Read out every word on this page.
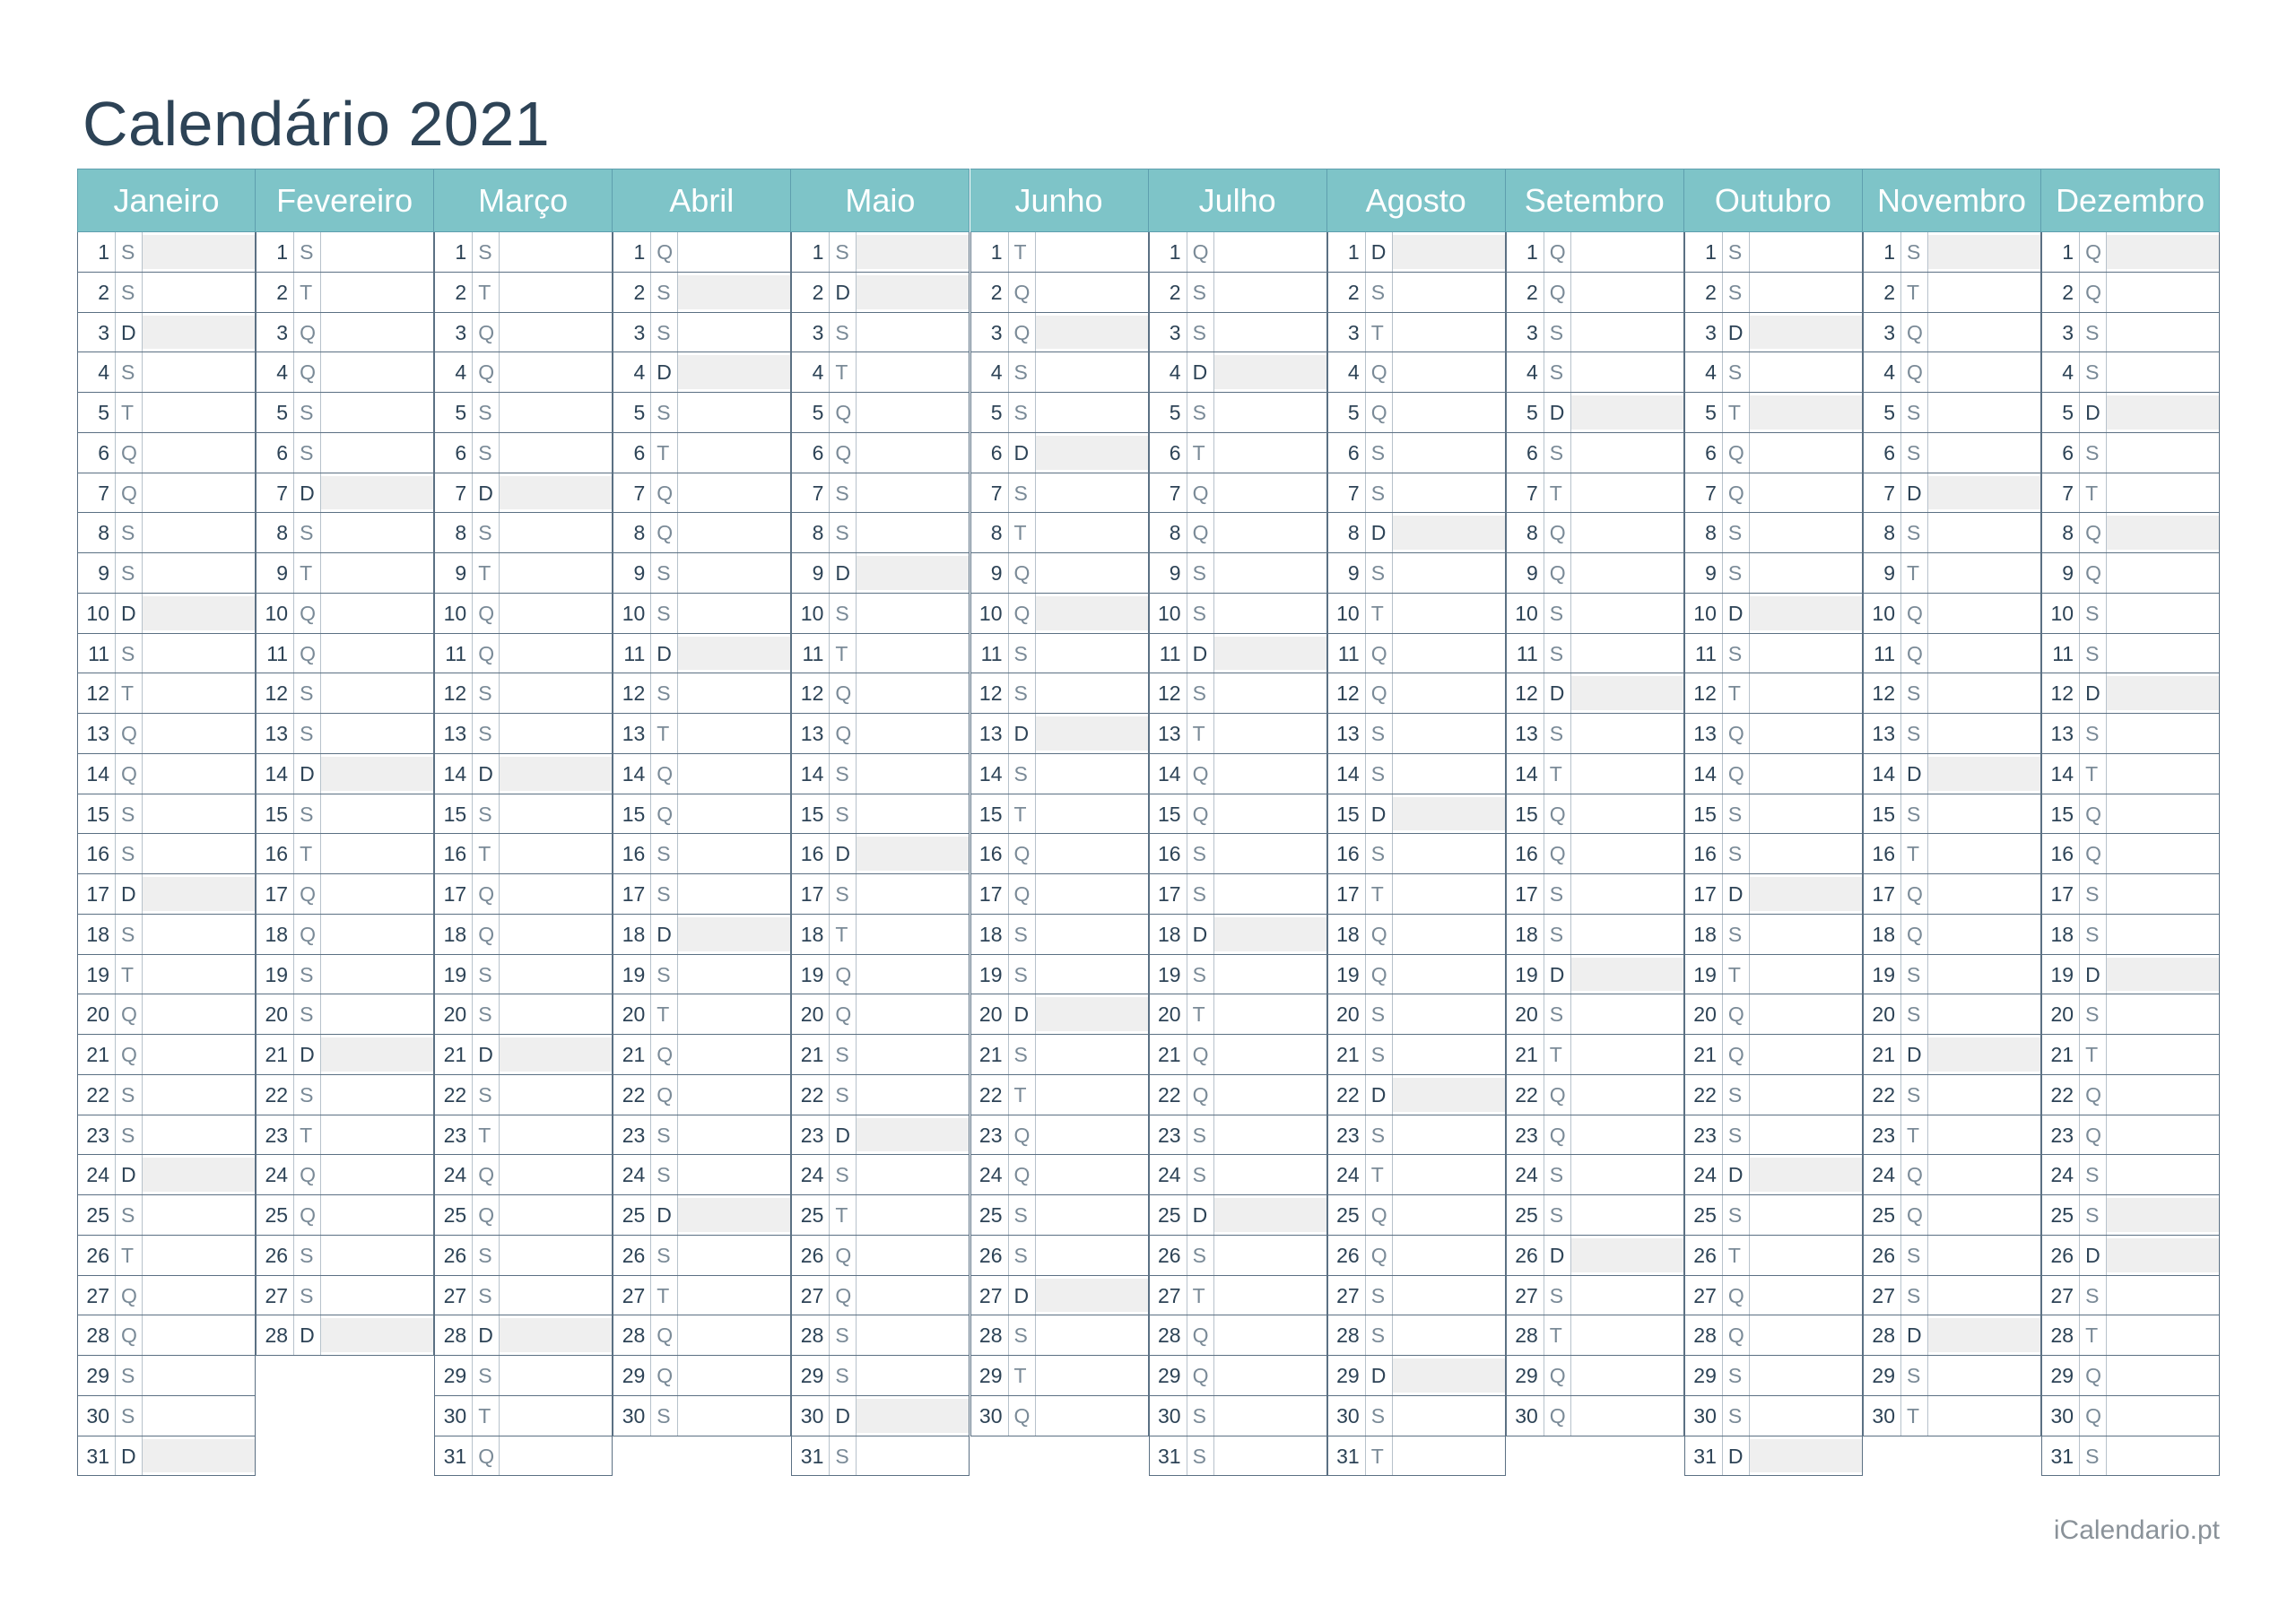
Calendário 2021
Janeiro
1 S
2 S
3 D
4 S
5 T
6 Q
7 Q
8 S
9 S
10 D
11 S
12 T
13 Q
14 Q
15 S
16 S
17 D
18 S
19 T
20 Q
21 Q
22 S
23 S
24 D
25 S
26 T
27 Q
28 Q
29 S
30 S
31 D
Fevereiro
1 S
2 T
3 Q
4 Q
5 S
6 S
7 D
8 S
9 T
10 Q
11 Q
12 S
13 S
14 D
15 S
16 T
17 Q
18 Q
19 S
20 S
21 D
22 S
23 T
24 Q
25 Q
26 S
27 S
28 D
Março
1 S
2 T
3 Q
4 Q
5 S
6 S
7 D
8 S
9 T
10 Q
11 Q
12 S
13 S
14 D
15 S
16 T
17 Q
18 Q
19 S
20 S
21 D
22 S
23 T
24 Q
25 Q
26 S
27 S
28 D
29 S
30 T
31 Q
Abril
1 Q
2 S
3 S
4 D
5 S
6 T
7 Q
8 Q
9 S
10 S
11 D
12 S
13 T
14 Q
15 Q
16 S
17 S
18 D
19 S
20 T
21 Q
22 Q
23 S
24 S
25 D
26 S
27 T
28 Q
29 Q
30 S
Maio
1 S
2 D
3 S
4 T
5 Q
6 Q
7 S
8 S
9 D
10 S
11 T
12 Q
13 Q
14 S
15 S
16 D
17 S
18 T
19 Q
20 Q
21 S
22 S
23 D
24 S
25 T
26 Q
27 Q
28 S
29 S
30 D
31 S
Junho
1 T
2 Q
3 Q
4 S
5 S
6 D
7 S
8 T
9 Q
10 Q
11 S
12 S
13 D
14 S
15 T
16 Q
17 Q
18 S
19 S
20 D
21 S
22 T
23 Q
24 Q
25 S
26 S
27 D
28 S
29 T
30 Q
Julho
1 Q
2 S
3 S
4 D
5 S
6 T
7 Q
8 Q
9 S
10 S
11 D
12 S
13 T
14 Q
15 Q
16 S
17 S
18 D
19 S
20 T
21 Q
22 Q
23 S
24 S
25 D
26 S
27 T
28 Q
29 Q
30 S
31 S
Agosto
1 D
2 S
3 T
4 Q
5 Q
6 S
7 S
8 D
9 S
10 T
11 Q
12 Q
13 S
14 S
15 D
16 S
17 T
18 Q
19 Q
20 S
21 S
22 D
23 S
24 T
25 Q
26 Q
27 S
28 S
29 D
30 S
31 T
Setembro
1 Q
2 Q
3 S
4 S
5 D
6 S
7 T
8 Q
9 Q
10 S
11 S
12 D
13 S
14 T
15 Q
16 Q
17 S
18 S
19 D
20 S
21 T
22 Q
23 Q
24 S
25 S
26 D
27 S
28 T
29 Q
30 Q
Outubro
1 S
2 S
3 D
4 S
5 T
6 Q
7 Q
8 S
9 S
10 D
11 S
12 T
13 Q
14 Q
15 S
16 S
17 D
18 S
19 T
20 Q
21 Q
22 S
23 S
24 D
25 S
26 T
27 Q
28 Q
29 S
30 S
31 D
Novembro
1 S
2 T
3 Q
4 Q
5 S
6 S
7 D
8 S
9 T
10 Q
11 Q
12 S
13 S
14 D
15 S
16 T
17 Q
18 Q
19 S
20 S
21 D
22 S
23 T
24 Q
25 Q
26 S
27 S
28 D
29 S
30 T
Dezembro
1 Q
2 Q
3 S
4 S
5 D
6 S
7 T
8 Q
9 Q
10 S
11 S
12 D
13 S
14 T
15 Q
16 Q
17 S
18 S
19 D
20 S
21 T
22 Q
23 Q
24 S
25 S
26 D
27 S
28 T
29 Q
30 Q
31 S
iCalendario.pt
